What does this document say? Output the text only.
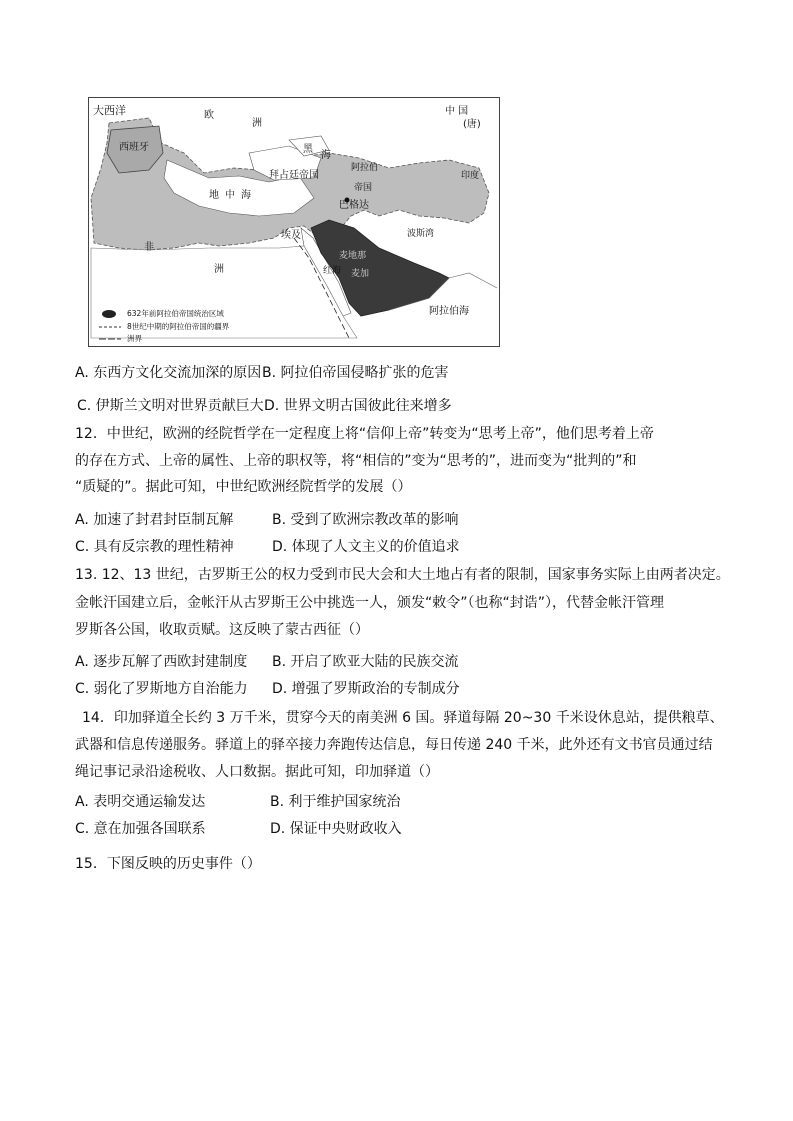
大西洋	欧
洲
中 国
(唐)
西班牙	黑
海
拜占廷帝国
阿拉伯
帝国
巴格达
地中海
埃及
非
洲
波斯湾
印度
红海
阿拉伯海
麦地那
麦加
632年前阿拉伯帝国统治区域
8世纪中期的阿拉伯帝国的疆界
洲界
A. 东西方文化交流加深的原因 B. 阿拉伯帝国侵略扩张的危害
C. 伊斯兰文明对世界贡献巨大 D. 世界文明古国彼此往来增多
12．中世纪，欧洲的经院哲学在一定程度上将“信仰上帝”转变为“思考上帝”，他们思考着上帝
的存在方式、上帝的属性、上帝的职权等，将“相信的”变为“思考的”，进而变为“批判的”和
“质疑的”。据此可知，中世纪欧洲经院哲学的发展（）
A. 加速了封君封臣制瓦解	B. 受到了欧洲宗教改革的影响
C. 具有反宗教的理性精神	D. 体现了人文主义的价值追求
13. 12、13 世纪，古罗斯王公的权力受到市民大会和大土地占有者的限制，国家事务实际上由两者决定。
金帐汗国建立后，金帐汗从古罗斯王公中挑选一人，颁发“敕令”（也称“封诰”），代替金帐汗管理
罗斯各公国，收取贡赋。这反映了蒙古西征（）
A. 逐步瓦解了西欧封建制度 B. 开启了欧亚大陆的民族交流
C. 弱化了罗斯地方自治能力 D. 增强了罗斯政治的专制成分
14．印加驿道全长约 3 万千米，贯穿今天的南美洲 6 国。驿道每隔 20~30 千米设休息站，提供粮草、
武器和信息传递服务。驿道上的驿卒接力奔跑传达信息，每日传递 240 千米，此外还有文书官员通过结
绳记事记录沿途税收、人口数据。据此可知，印加驿道（）
A. 表明交通运输发达	B. 利于维护国家统治
C. 意在加强各国联系	D. 保证中央财政收入
15．下图反映的历史事件（）
